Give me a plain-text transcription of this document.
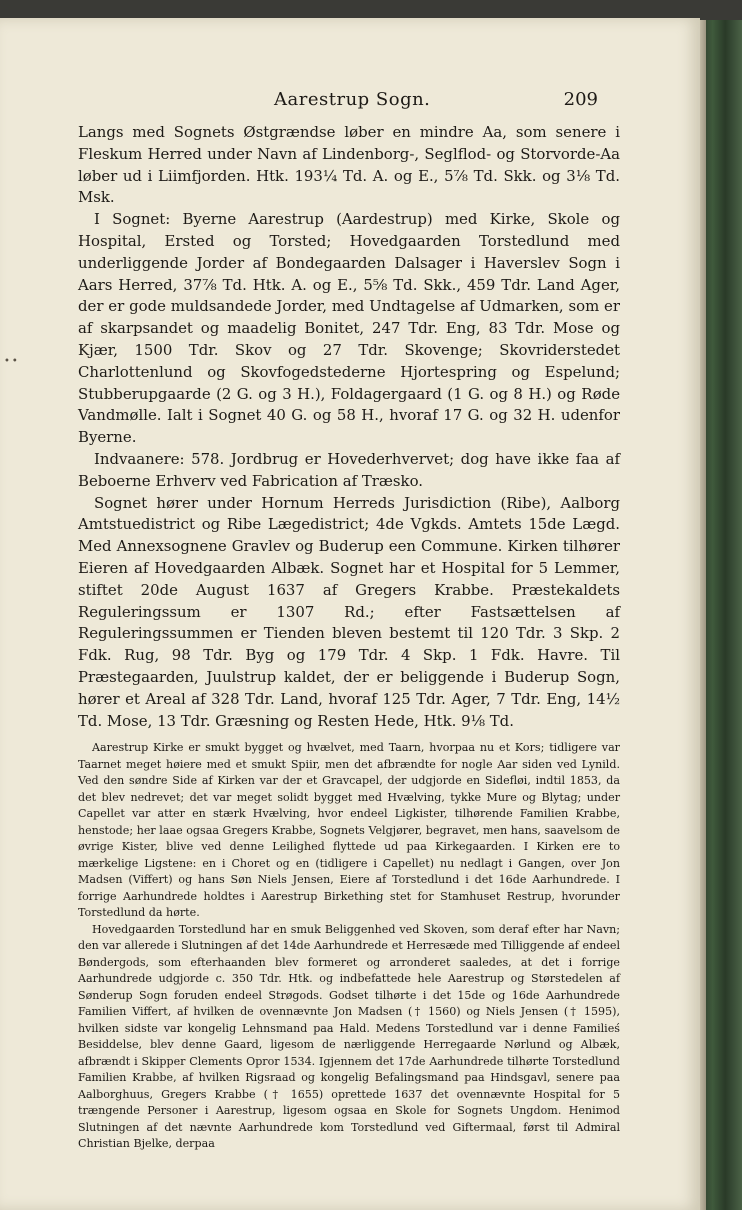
••
Aarestrup Sogn.	209

Langs med Sognets Østgrændse løber en mindre Aa, som senere i Fleskum Herred under Navn af Lindenborg-, Seglflod- og Storvorde-Aa løber ud i Liimfjorden. Htk. 193¼ Td. A. og E., 5⅞ Td. Skk. og 3⅛ Td. Msk.

I Sognet: Byerne Aarestrup (Aardestrup) med Kirke, Skole og Hospital, Ersted og Torsted; Hovedgaarden Torstedlund med underliggende Jorder af Bondegaarden Dalsager i Haverslev Sogn i Aars Herred, 37⅞ Td. Htk. A. og E., 5⅝ Td. Skk., 459 Tdr. Land Ager, der er gode muldsandede Jorder, med Undtagelse af Udmarken, som er af skarpsandet og maadelig Bonitet, 247 Tdr. Eng, 83 Tdr. Mose og Kjær, 1500 Tdr. Skov og 27 Tdr. Skovenge; Skovriderstedet Charlottenlund og Skovfogedstederne Hjortespring og Espelund; Stubberupgaarde (2 G. og 3 H.), Foldagergaard (1 G. og 8 H.) og Røde Vandmølle. Ialt i Sognet 40 G. og 58 H., hvoraf 17 G. og 32 H. udenfor Byerne.

Indvaanere: 578. Jordbrug er Hovederhvervet; dog have ikke faa af Beboerne Erhverv ved Fabrication af Træsko.

Sognet hører under Hornum Herreds Jurisdiction (Ribe), Aalborg Amtstuedistrict og Ribe Lægedistrict; 4de Vgkds. Amtets 15de Lægd. Med Annexsognene Gravlev og Buderup een Commune. Kirken tilhører Eieren af Hovedgaarden Albæk. Sognet har et Hospital for 5 Lemmer, stiftet 20de August 1637 af Gregers Krabbe. Præstekaldets Reguleringssum er 1307 Rd.; efter Fastsættelsen af Reguleringssummen er Tienden bleven bestemt til 120 Tdr. 3 Skp. 2 Fdk. Rug, 98 Tdr. Byg og 179 Tdr. 4 Skp. 1 Fdk. Havre. Til Præstegaarden, Juulstrup kaldet, der er beliggende i Buderup Sogn, hører et Areal af 328 Tdr. Land, hvoraf 125 Tdr. Ager, 7 Tdr. Eng, 14½ Td. Mose, 13 Tdr. Græsning og Resten Hede, Htk. 9⅛ Td.

Aarestrup Kirke er smukt bygget og hvælvet, med Taarn, hvorpaa nu et Kors; tidligere var Taarnet meget høiere med et smukt Spiir, men det afbrændte for nogle Aar siden ved Lynild. Ved den søndre Side af Kirken var der et Gravcapel, der udgjorde en Sidefløi, indtil 1853, da det blev nedrevet; det var meget solidt bygget med Hvælving, tykke Mure og Blytag; under Capellet var atter en stærk Hvælving, hvor endeel Ligkister, tilhørende Familien Krabbe, henstode; her laae ogsaa Gregers Krabbe, Sognets Velgjører, begravet, men hans, saavelsom de øvrige Kister, blive ved denne Leilighed flyttede ud paa Kirkegaarden. I Kirken ere to mærkelige Ligstene: en i Choret og en (tidligere i Capellet) nu nedlagt i Gangen, over Jon Madsen (Viffert) og hans Søn Niels Jensen, Eiere af Torstedlund i det 16de Aarhundrede. I forrige Aarhundrede holdtes i Aarestrup Birkething stet for Stamhuset Restrup, hvorunder Torstedlund da hørte.

Hovedgaarden Torstedlund har en smuk Beliggenhed ved Skoven, som deraf efter har Navn; den var allerede i Slutningen af det 14de Aarhundrede et Herresæde med Tilliggende af endeel Bøndergods, som efterhaanden blev formeret og arronderet saaledes, at det i forrige Aarhundrede udgjorde c. 350 Tdr. Htk. og indbefattede hele Aarestrup og Størstedelen af Sønderup Sogn foruden endeel Strøgods. Godset tilhørte i det 15de og 16de Aarhundrede Familien Viffert, af hvilken de ovennævnte Jon Madsen († 1560) og Niels Jensen († 1595), hvilken sidste var kongelig Lehnsmand paa Hald. Medens Torstedlund var i denne Familieś Besiddelse, blev denne Gaard, ligesom de nærliggende Herregaarde Nørlund og Albæk, afbrændt i Skipper Clements Opror 1534. Igjennem det 17de Aarhundrede tilhørte Torstedlund Familien Krabbe, af hvilken Rigsraad og kongelig Befalingsmand paa Hindsgavl, senere paa Aalborghuus, Gregers Krabbe († 1655) oprettede 1637 det ovennævnte Hospital for 5 trængende Personer i Aarestrup, ligesom ogsaa en Skole for Sognets Ungdom. Henimod Slutningen af det nævnte Aarhundrede kom Torstedlund ved Giftermaal, først til Admiral Christian Bjelke, derpaa
